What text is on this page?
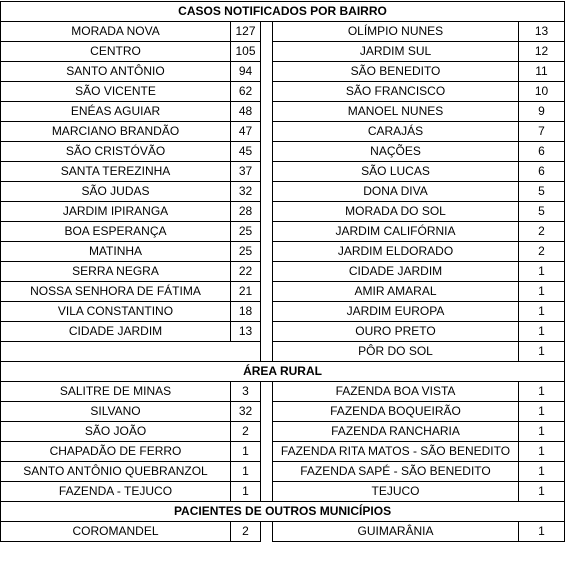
CASOS NOTIFICADOS POR BAIRRO				
MORADA NOVA	127		OLÍMPIO NUNES	13
CENTRO	105		JARDIM SUL	12
SANTO ANTÔNIO	94		SÃO BENEDITO	11
SÃO VICENTE	62		SÃO FRANCISCO	10
ENÉAS AGUIAR	48		MANOEL NUNES	9
MARCIANO BRANDÃO	47		CARAJÁS	7
SÃO CRISTÓVÃO	45		NAÇÕES	6
SANTA TEREZINHA	37		SÃO LUCAS	6
SÃO JUDAS	32		DONA DIVA	5
JARDIM IPIRANGA	28		MORADA DO SOL	5
BOA ESPERANÇA	25		JARDIM CALIFÓRNIA	2
MATINHA	25		JARDIM ELDORADO	2
SERRA NEGRA	22		CIDADE JARDIM	1
NOSSA SENHORA DE FÁTIMA	21		AMIR AMARAL	1
VILA CONSTANTINO	18		JARDIM EUROPA	1
CIDADE JARDIM	13		OURO PRETO	1
			PÔR DO SOL	1
ÁREA RURAL				
SALITRE DE MINAS	3		FAZENDA BOA VISTA	1
SILVANO	32		FAZENDA BOQUEIRÃO	1
SÃO JOÃO	2		FAZENDA RANCHARIA	1
CHAPADÃO DE FERRO	1		FAZENDA RITA MATOS - SÃO BENEDITO	1
SANTO ANTÔNIO QUEBRANZOL	1		FAZENDA SAPÉ - SÃO BENEDITO	1
FAZENDA - TEJUCO	1		TEJUCO	1
PACIENTES DE OUTROS MUNICÍPIOS				
COROMANDEL	2		GUIMARÂNIA	1
